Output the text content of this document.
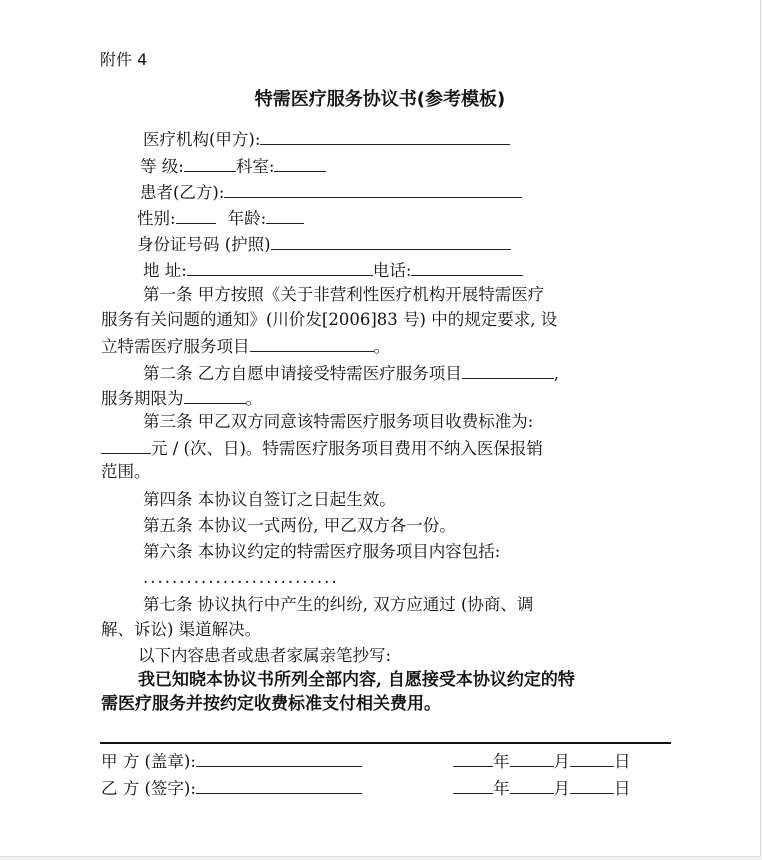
附件 4
特需医疗服务协议书(参考模板)
医疗机构(甲方):
等 级:	科室:
患者(乙方):
性别:	年龄:
身份证号码 (护照)
地 址:	电话:
第一条 甲方按照《关于非营利性医疗机构开展特需医疗
服务有关问题的通知》(川价发[2006]83 号) 中的规定要求, 设
立特需医疗服务项目	。
第二条 乙方自愿申请接受特需医疗服务项目	,
服务期限为	。
第三条 甲乙双方同意该特需医疗服务项目收费标准为:
元 / (次、日)。特需医疗服务项目费用不纳入医保报销
范围。
第四条 本协议自签订之日起生效。
第五条 本协议一式两份, 甲乙双方各一份。
第六条 本协议约定的特需医疗服务项目内容包括:
...........................
第七条 协议执行中产生的纠纷, 双方应通过 (协商、调
解、诉讼) 渠道解决。
以下内容患者或患者家属亲笔抄写:
我已知晓本协议书所列全部内容, 自愿接受本协议约定的特
需医疗服务并按约定收费标准支付相关费用。
甲 方 (盖章):	年	月	日
乙 方 (签字):	年	月	日
